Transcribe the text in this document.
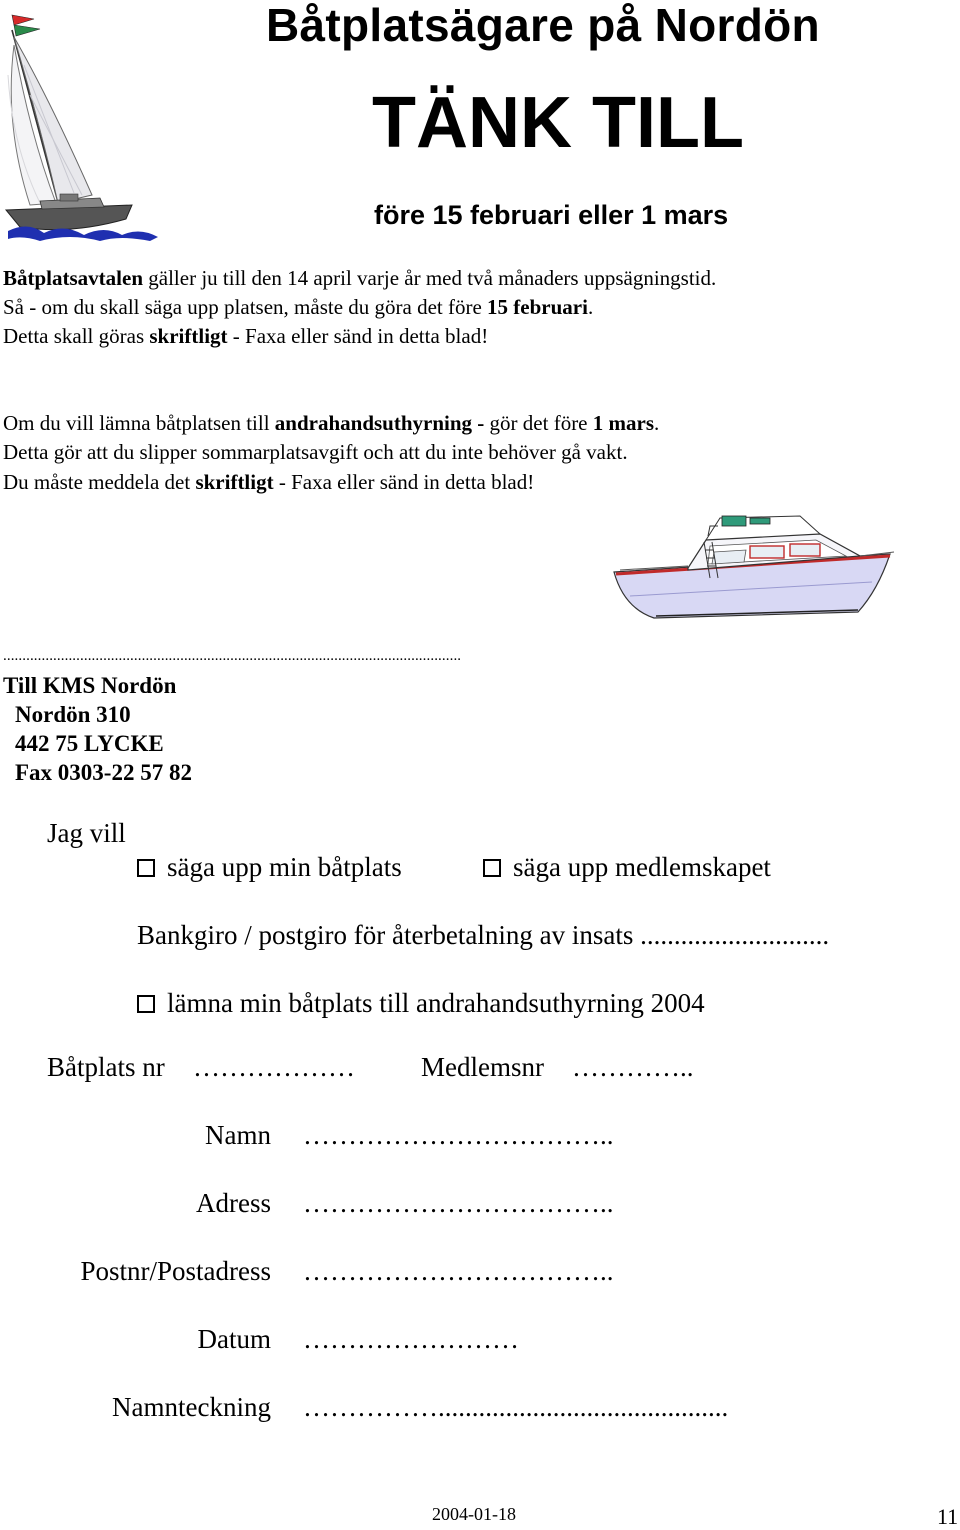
Båtplatsägare på Nordön
TÄNK TILL
före 15 februari eller 1 mars
Båtplatsavtalen gäller ju till den 14 april varje år med två månaders uppsägningstid.
Så - om du skall säga upp platsen, måste du göra det före 15 februari.
Detta skall göras skriftligt - Faxa eller sänd in detta blad!
Om du vill lämna båtplatsen till andrahandsuthyrning - gör det före 1 mars.
Detta gör att du slipper sommarplatsavgift och att du inte behöver gå vakt.
Du måste meddela det skriftligt - Faxa eller sänd in detta blad!
.......................................................................................................................
Till KMS Nordön
Nordön 310
442 75 LYCKE
Fax 0303-22 57 82
Jag vill
säga upp min båtplats	säga upp medlemskapet
Bankgiro / postgiro för återbetalning av insats ............................
lämna min båtplats till andrahandsuthyrning 2004
Båtplats nr ……………… Medlemsnr …………..
Namn ……………………………..
Adress ……………………………..
Postnr/Postadress ……………………………..
Datum ……………………
Namnteckning ……………...........................................
2004-01-18	11
